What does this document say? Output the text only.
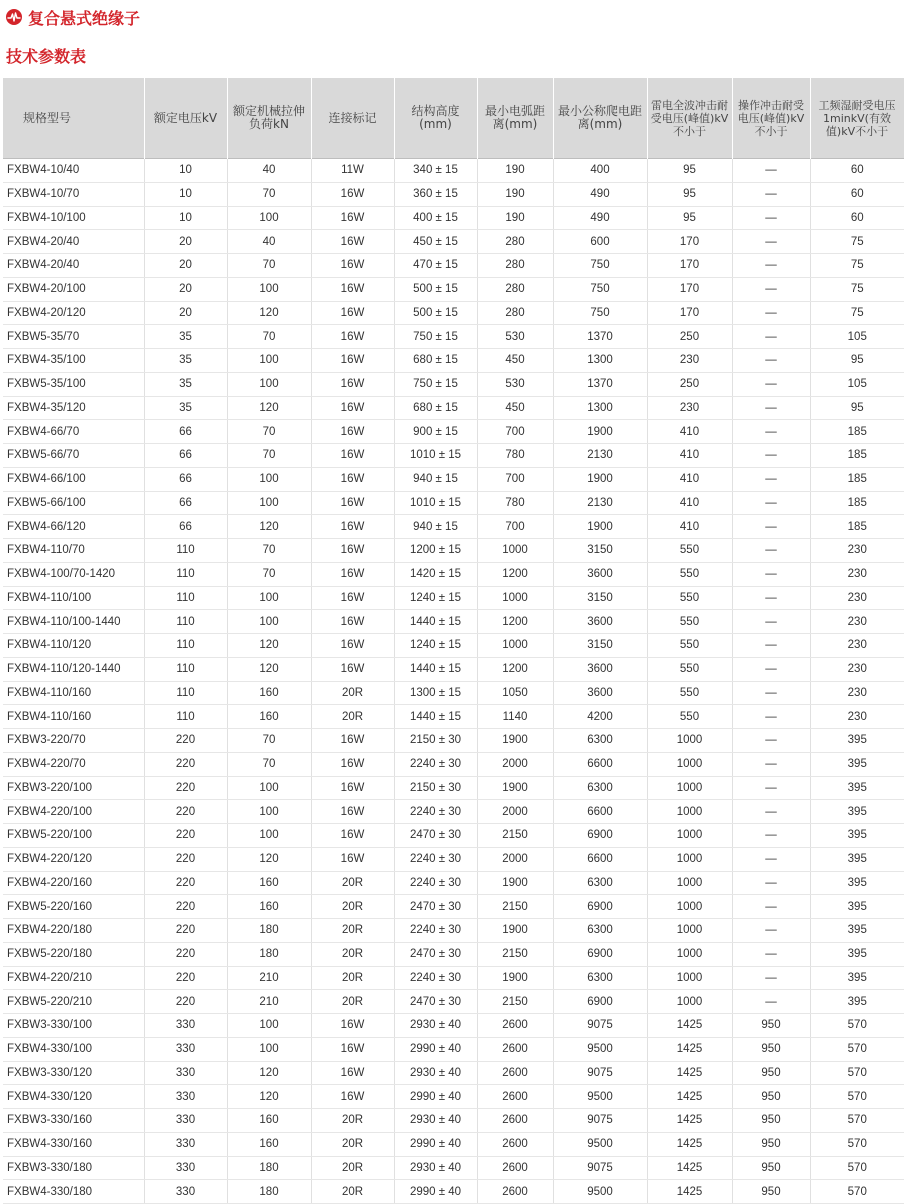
复合悬式绝缘子
技术参数表
规格型号	额定电压kV	额定机械拉伸负荷kN	连接标记	结构高度(mm)	最小电弧距离(mm)	最小公称爬电距离(mm)	雷电全波冲击耐受电压(峰值)kV不小于	操作冲击耐受电压(峰值)kV不小于	工频湿耐受电压1minkV(有效值)kV不小于
FXBW4-10/40	10	40	11W	340 ± 15	190	400	95	—	60
FXBW4-10/70	10	70	16W	360 ± 15	190	490	95	—	60
FXBW4-10/100	10	100	16W	400 ± 15	190	490	95	—	60
FXBW4-20/40	20	40	16W	450 ± 15	280	600	170	—	75
FXBW4-20/40	20	70	16W	470 ± 15	280	750	170	—	75
FXBW4-20/100	20	100	16W	500 ± 15	280	750	170	—	75
FXBW4-20/120	20	120	16W	500 ± 15	280	750	170	—	75
FXBW5-35/70	35	70	16W	750 ± 15	530	1370	250	—	105
FXBW4-35/100	35	100	16W	680 ± 15	450	1300	230	—	95
FXBW5-35/100	35	100	16W	750 ± 15	530	1370	250	—	105
FXBW4-35/120	35	120	16W	680 ± 15	450	1300	230	—	95
FXBW4-66/70	66	70	16W	900 ± 15	700	1900	410	—	185
FXBW5-66/70	66	70	16W	1010 ± 15	780	2130	410	—	185
FXBW4-66/100	66	100	16W	940 ± 15	700	1900	410	—	185
FXBW5-66/100	66	100	16W	1010 ± 15	780	2130	410	—	185
FXBW4-66/120	66	120	16W	940 ± 15	700	1900	410	—	185
FXBW4-110/70	110	70	16W	1200 ± 15	1000	3150	550	—	230
FXBW4-100/70-1420	110	70	16W	1420 ± 15	1200	3600	550	—	230
FXBW4-110/100	110	100	16W	1240 ± 15	1000	3150	550	—	230
FXBW4-110/100-1440	110	100	16W	1440 ± 15	1200	3600	550	—	230
FXBW4-110/120	110	120	16W	1240 ± 15	1000	3150	550	—	230
FXBW4-110/120-1440	110	120	16W	1440 ± 15	1200	3600	550	—	230
FXBW4-110/160	110	160	20R	1300 ± 15	1050	3600	550	—	230
FXBW4-110/160	110	160	20R	1440 ± 15	1140	4200	550	—	230
FXBW3-220/70	220	70	16W	2150 ± 30	1900	6300	1000	—	395
FXBW4-220/70	220	70	16W	2240 ± 30	2000	6600	1000	—	395
FXBW3-220/100	220	100	16W	2150 ± 30	1900	6300	1000	—	395
FXBW4-220/100	220	100	16W	2240 ± 30	2000	6600	1000	—	395
FXBW5-220/100	220	100	16W	2470 ± 30	2150	6900	1000	—	395
FXBW4-220/120	220	120	16W	2240 ± 30	2000	6600	1000	—	395
FXBW4-220/160	220	160	20R	2240 ± 30	1900	6300	1000	—	395
FXBW5-220/160	220	160	20R	2470 ± 30	2150	6900	1000	—	395
FXBW4-220/180	220	180	20R	2240 ± 30	1900	6300	1000	—	395
FXBW5-220/180	220	180	20R	2470 ± 30	2150	6900	1000	—	395
FXBW4-220/210	220	210	20R	2240 ± 30	1900	6300	1000	—	395
FXBW5-220/210	220	210	20R	2470 ± 30	2150	6900	1000	—	395
FXBW3-330/100	330	100	16W	2930 ± 40	2600	9075	1425	950	570
FXBW4-330/100	330	100	16W	2990 ± 40	2600	9500	1425	950	570
FXBW3-330/120	330	120	16W	2930 ± 40	2600	9075	1425	950	570
FXBW4-330/120	330	120	16W	2990 ± 40	2600	9500	1425	950	570
FXBW3-330/160	330	160	20R	2930 ± 40	2600	9075	1425	950	570
FXBW4-330/160	330	160	20R	2990 ± 40	2600	9500	1425	950	570
FXBW3-330/180	330	180	20R	2930 ± 40	2600	9075	1425	950	570
FXBW4-330/180	330	180	20R	2990 ± 40	2600	9500	1425	950	570
